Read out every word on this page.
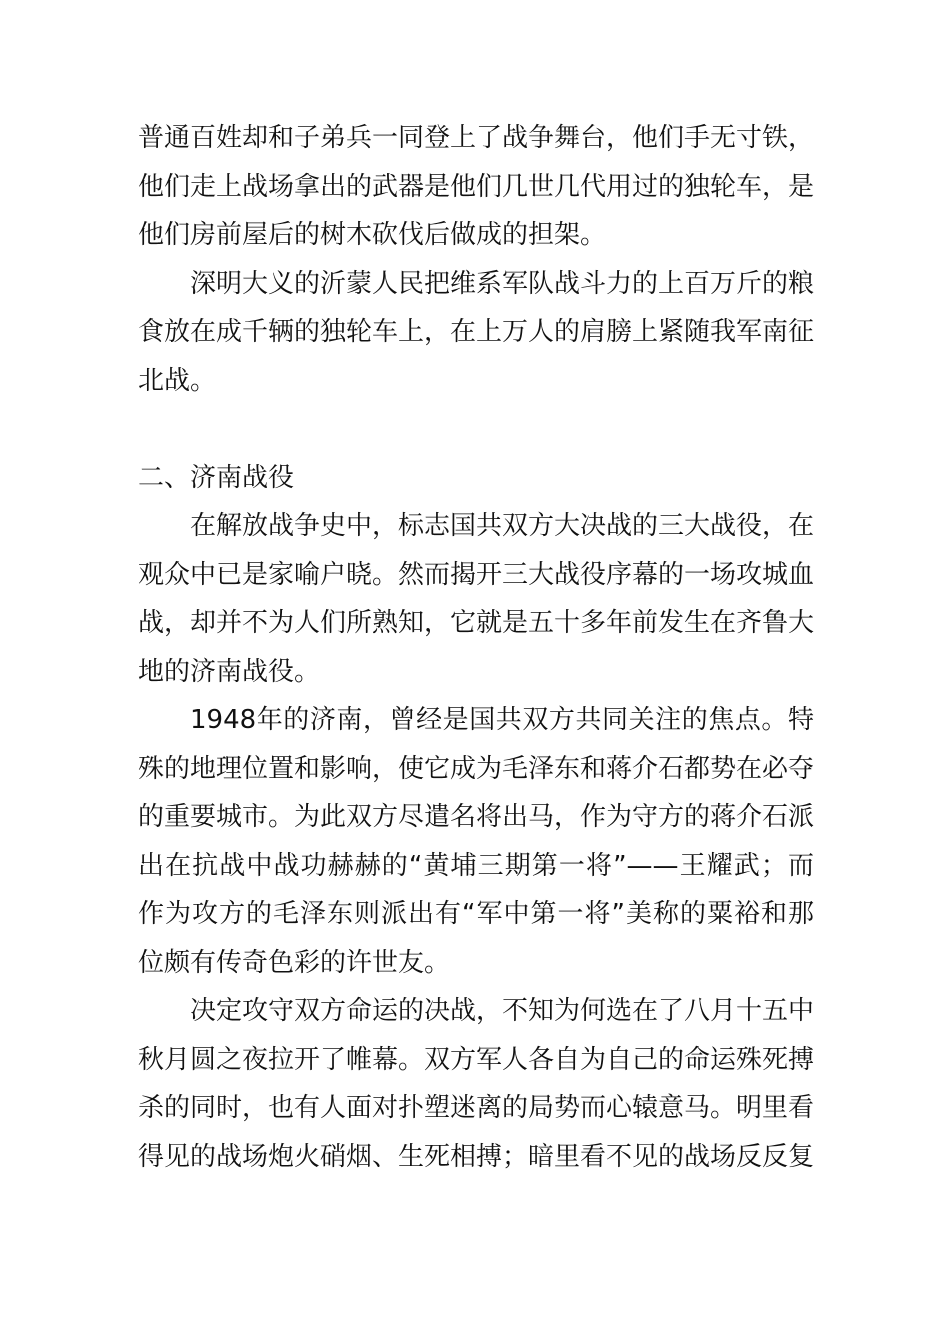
普通百姓却和子弟兵一同登上了战争舞台，他们手无寸铁，他们走上战场拿出的武器是他们几世几代用过的独轮车，是他们房前屋后的树木砍伐后做成的担架。

深明大义的沂蒙人民把维系军队战斗力的上百万斤的粮食放在成千辆的独轮车上，在上万人的肩膀上紧随我军南征北战。

二、济南战役

在解放战争史中，标志国共双方大决战的三大战役，在观众中已是家喻户晓。然而揭开三大战役序幕的一场攻城血战，却并不为人们所熟知，它就是五十多年前发生在齐鲁大地的济南战役。

1948年的济南，曾经是国共双方共同关注的焦点。特殊的地理位置和影响，使它成为毛泽东和蒋介石都势在必夺的重要城市。为此双方尽遣名将出马，作为守方的蒋介石派出在抗战中战功赫赫的“黄埔三期第一将”——王耀武；而作为攻方的毛泽东则派出有“军中第一将”美称的粟裕和那位颇有传奇色彩的许世友。

决定攻守双方命运的决战，不知为何选在了八月十五中秋月圆之夜拉开了帷幕。双方军人各自为自己的命运殊死搏杀的同时，也有人面对扑塑迷离的局势而心辕意马。明里看得见的战场炮火硝烟、生死相搏；暗里看不见的战场反反复
